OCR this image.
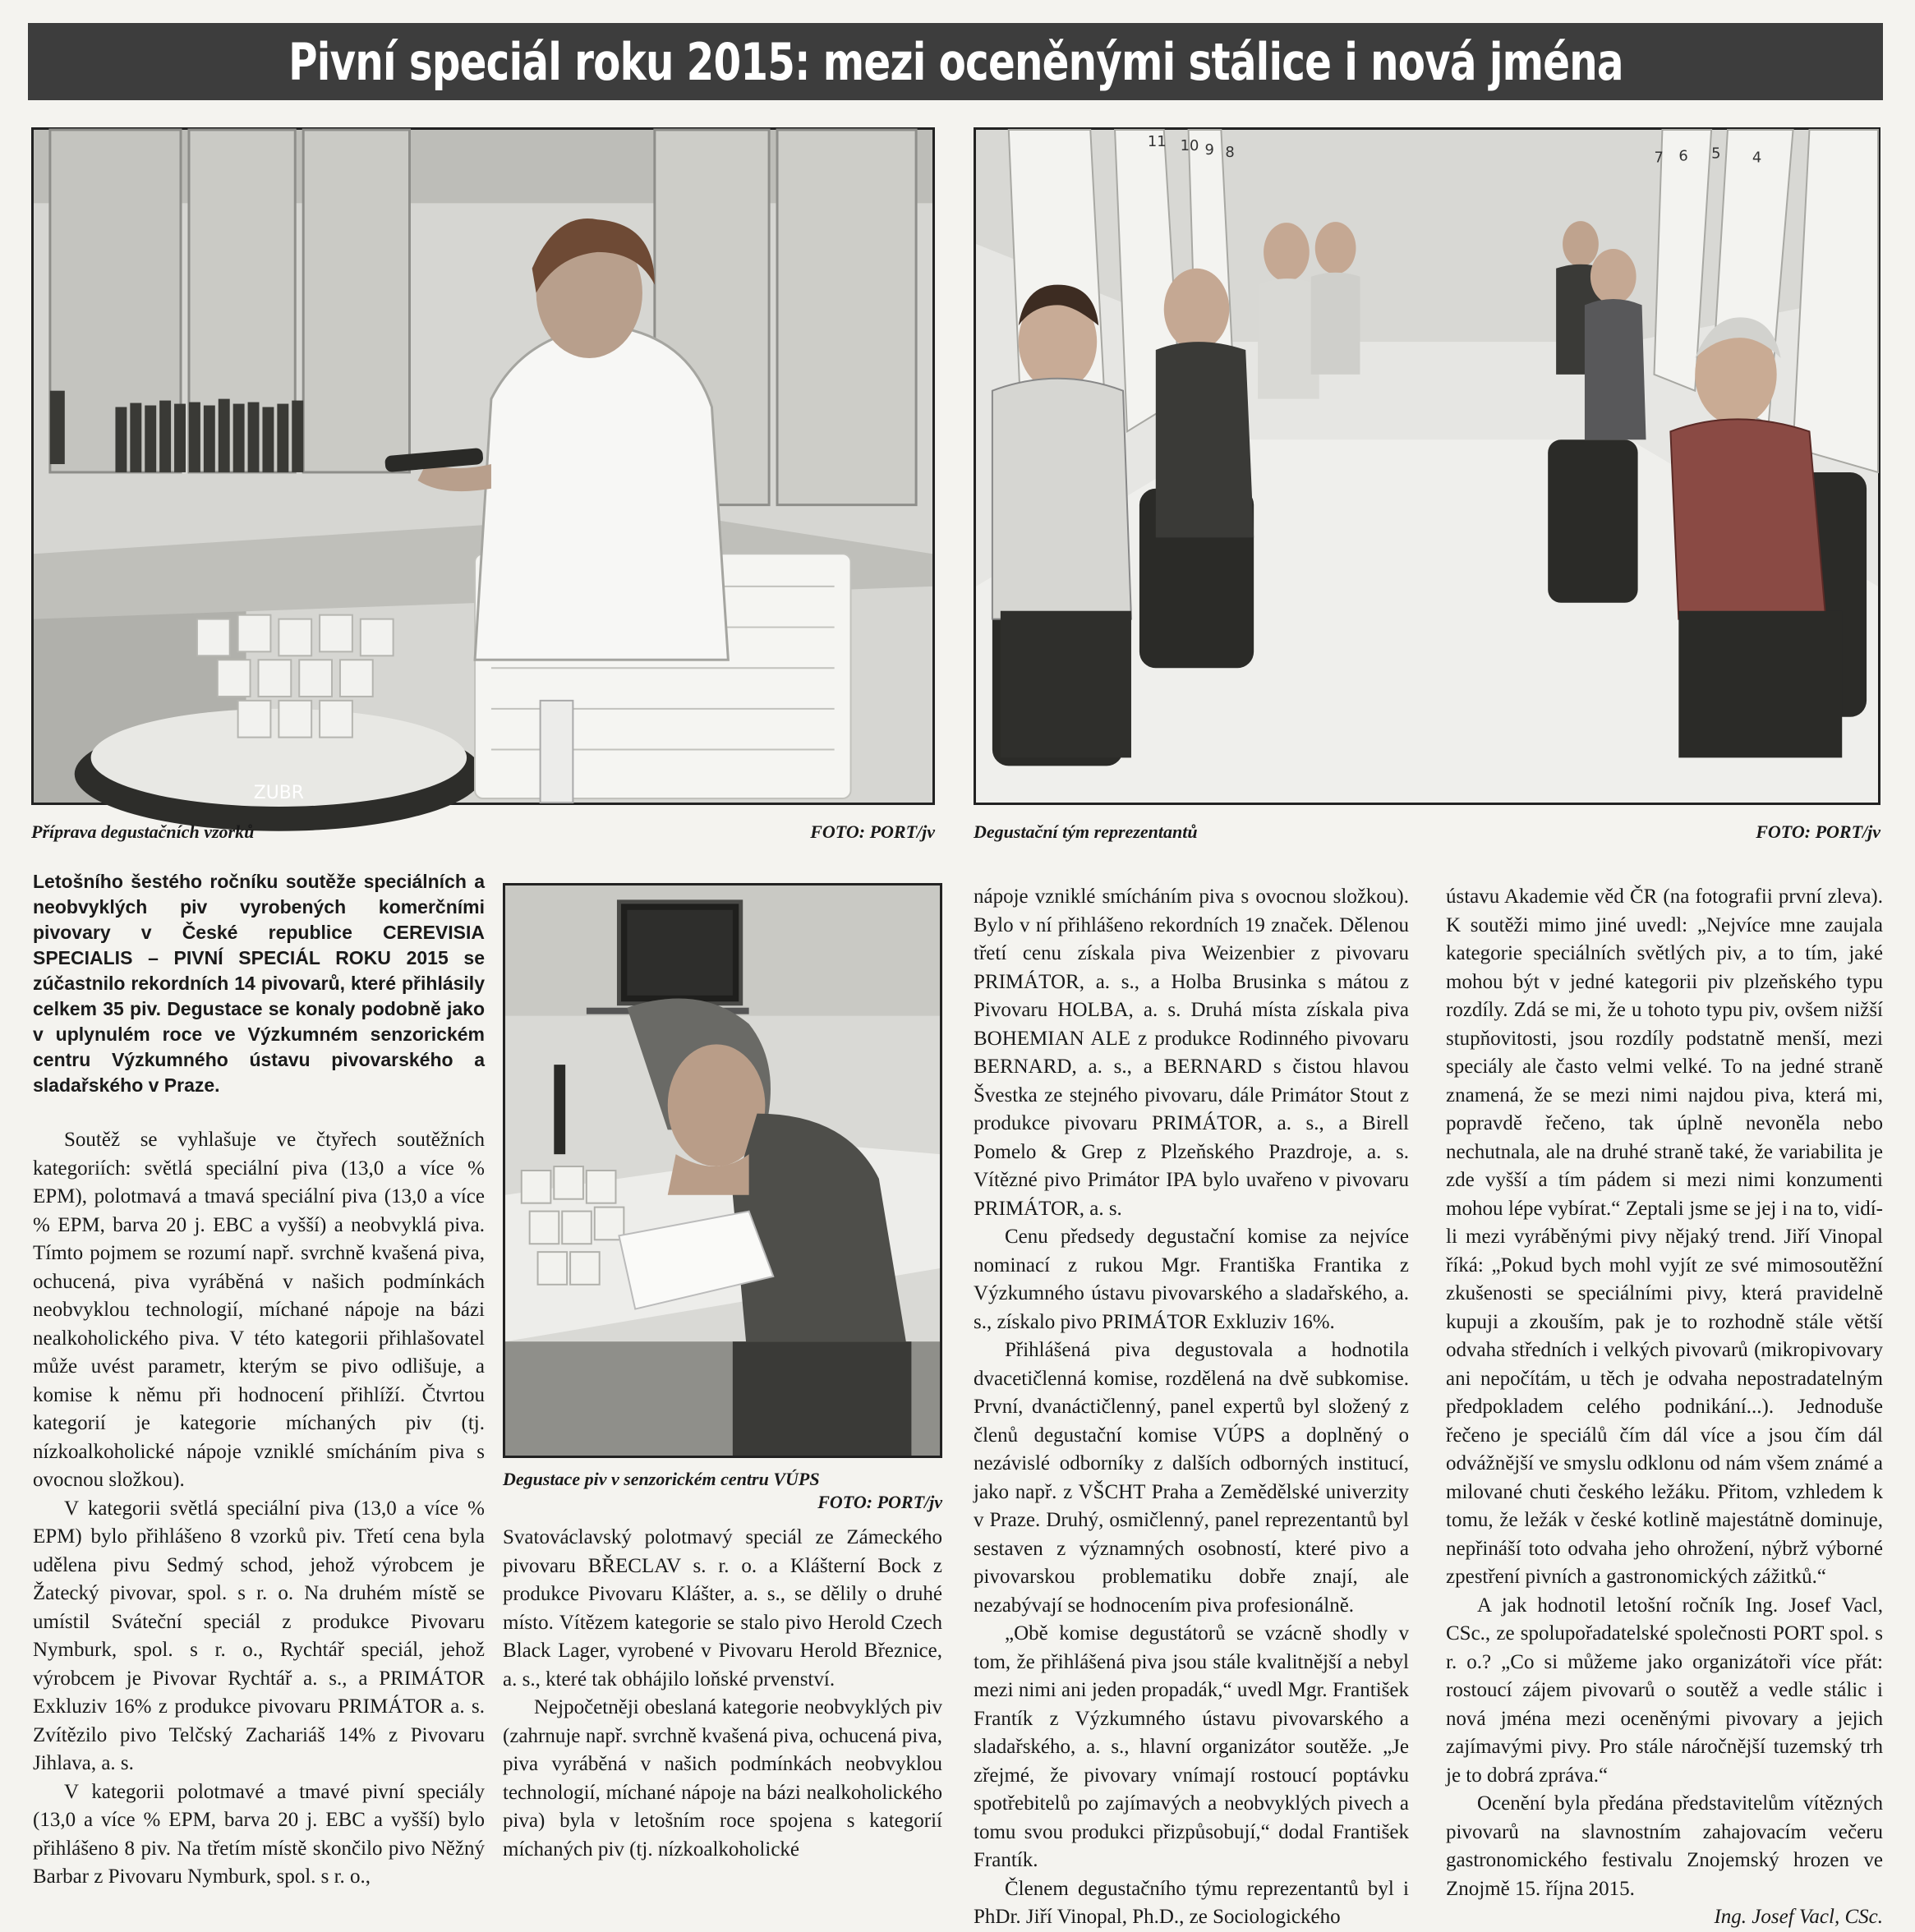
Pivní speciál roku 2015: mezi oceněnými stálice i nová jména
ZUBR
Příprava degustačních vzorků	FOTO: PORT/jv
11 10 9 8	7 6 5 4
Degustační tým reprezentantů	FOTO: PORT/jv

Letošního šestého ročníku soutěže speciálních a neobvyklých piv vyrobených komerčními pivovary v České republice CEREVISIA SPECIALIS – PIVNÍ SPECIÁL ROKU 2015 se zúčastnilo rekordních 14 pivovarů, které přihlásily celkem 35 piv. Degustace se konaly podobně jako v uplynulém roce ve Výzkumném senzorickém centru Výzkumného ústavu pivovarského a sladařského v Praze.

Soutěž se vyhlašuje ve čtyřech soutěžních kategoriích: světlá speciální piva (13,0 a více % EPM), polotmavá a tmavá speciální piva (13,0 a více % EPM, barva 20 j. EBC a vyšší) a neobvyklá piva. Tímto pojmem se rozumí např. svrchně kvašená piva, ochucená, piva vyráběná v našich podmínkách neobvyklou technologií, míchané nápoje na bázi nealkoholického piva. V této kategorii přihlašovatel může uvést parametr, kterým se pivo odlišuje, a komise k němu při hodnocení přihlíží. Čtvrtou kategorií je kategorie míchaných piv (tj. nízkoalkoholické nápoje vzniklé smícháním piva s ovocnou složkou).

V kategorii světlá speciální piva (13,0 a více % EPM) bylo přihlášeno 8 vzorků piv. Třetí cena byla udělena pivu Sedmý schod, jehož výrobcem je Žatecký pivovar, spol. s r. o. Na druhém místě se umístil Sváteční speciál z produkce Pivovaru Nymburk, spol. s r. o., Rychtář speciál, jehož výrobcem je Pivovar Rychtář a. s., a PRIMÁTOR Exkluziv 16% z produkce pivovaru PRIMÁTOR a. s. Zvítězilo pivo Telčský Zachariáš 14% z Pivovaru Jihlava, a. s.

V kategorii polotmavé a tmavé pivní speciály (13,0 a více % EPM, barva 20 j. EBC a vyšší) bylo přihlášeno 8 piv. Na třetím místě skončilo pivo Něžný Barbar z Pivovaru Nymburk, spol. s r. o.,

Degustace piv v senzorickém centru VÚPS
FOTO: PORT/jv

Svatováclavský polotmavý speciál ze Zámeckého pivovaru BŘECLAV s. r. o. a Klášterní Bock z produkce Pivovaru Klášter, a. s., se dělily o druhé místo. Vítězem kategorie se stalo pivo Herold Czech Black Lager, vyrobené v Pivovaru Herold Březnice, a. s., které tak obhájilo loňské prvenství.

Nejpočetněji obeslaná kategorie neobvyklých piv (zahrnuje např. svrchně kvašená piva, ochucená piva, piva vyráběná v našich podmínkách neobvyklou technologií, míchané nápoje na bázi nealkoholického piva) byla v letošním roce spojena s kategorií míchaných piv (tj. nízkoalkoholické

nápoje vzniklé smícháním piva s ovocnou složkou). Bylo v ní přihlášeno rekordních 19 značek. Dělenou třetí cenu získala piva Weizenbier z pivovaru PRIMÁTOR, a. s., a Holba Brusinka s mátou z Pivovaru HOLBA, a. s. Druhá místa získala piva BOHEMIAN ALE z produkce Rodinného pivovaru BERNARD, a. s., a BERNARD s čistou hlavou Švestka ze stejného pivovaru, dále Primátor Stout z produkce pivovaru PRIMÁTOR, a. s., a Birell Pomelo & Grep z Plzeňského Prazdroje, a. s. Vítězné pivo Primátor IPA bylo uvařeno v pivovaru PRIMÁTOR, a. s.

Cenu předsedy degustační komise za nejvíce nominací z rukou Mgr. Františka Frantika z Výzkumného ústavu pivovarského a sladařského, a. s., získalo pivo PRIMÁTOR Exkluziv 16%.

Přihlášená piva degustovala a hodnotila dvacetičlenná komise, rozdělená na dvě subkomise. První, dvanáctičlenný, panel expertů byl složený z členů degustační komise VÚPS a doplněný o nezávislé odborníky z dalších odborných institucí, jako např. z VŠCHT Praha a Zemědělské univerzity v Praze. Druhý, osmičlenný, panel reprezentantů byl sestaven z významných osobností, které pivo a pivovarskou problematiku dobře znají, ale nezabývají se hodnocením piva profesionálně.

„Obě komise degustátorů se vzácně shodly v tom, že přihlášená piva jsou stále kvalitnější a nebyl mezi nimi ani jeden propadák,“ uvedl Mgr. František Frantík z Výzkumného ústavu pivovarského a sladařského, a. s., hlavní organizátor soutěže. „Je zřejmé, že pivovary vnímají rostoucí poptávku spotřebitelů po zajímavých a neobvyklých pivech a tomu svou produkci přizpůsobují,“ dodal František Frantík.

Členem degustačního týmu reprezentantů byl i PhDr. Jiří Vinopal, Ph.D., ze Sociologického

ústavu Akademie věd ČR (na fotografii první zleva). K soutěži mimo jiné uvedl: „Nejvíce mne zaujala kategorie speciálních světlých piv, a to tím, jaké mohou být v jedné kategorii piv plzeňského typu rozdíly. Zdá se mi, že u tohoto typu piv, ovšem nižší stupňovitosti, jsou rozdíly podstatně menší, mezi speciály ale často velmi velké. To na jedné straně znamená, že se mezi nimi najdou piva, která mi, popravdě řečeno, tak úplně nevoněla nebo nechutnala, ale na druhé straně také, že variabilita je zde vyšší a tím pádem si mezi nimi konzumenti mohou lépe vybírat.“ Zeptali jsme se jej i na to, vidí-li mezi vyráběnými pivy nějaký trend. Jiří Vinopal říká: „Pokud bych mohl vyjít ze své mimosoutěžní zkušenosti se speciálními pivy, která pravidelně kupuji a zkouším, pak je to rozhodně stále větší odvaha středních i velkých pivovarů (mikropivovary ani nepočítám, u těch je odvaha nepostradatelným předpokladem celého podnikání...). Jednoduše řečeno je speciálů čím dál více a jsou čím dál odvážnější ve smyslu odklonu od nám všem známé a milované chuti českého ležáku. Přitom, vzhledem k tomu, že ležák v české kotlině majestátně dominuje, nepřináší toto odvaha jeho ohrožení, nýbrž výborné zpestření pivních a gastronomických zážitků.“

A jak hodnotil letošní ročník Ing. Josef Vacl, CSc., ze spolupořadatelské společnosti PORT spol. s r. o.? „Co si můžeme jako organizátoři více přát: rostoucí zájem pivovarů o soutěž a vedle stálic i nová jména mezi oceněnými pivovary a jejich zajímavými pivy. Pro stále náročnější tuzemský trh je to dobrá zpráva.“

Ocenění byla předána představitelům vítězných pivovarů na slavnostním zahajovacím večeru gastronomického festivalu Znojemský hrozen ve Znojmě 15. října 2015.

Ing. Josef Vacl, CSc.
